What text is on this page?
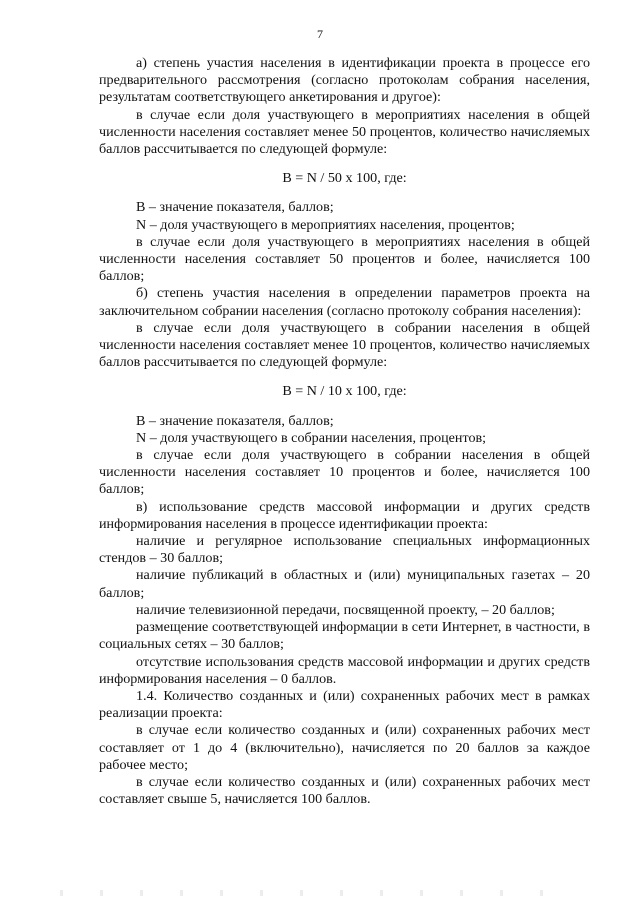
7

а) степень участия населения в идентификации проекта в процессе его предварительного рассмотрения (согласно протоколам собрания населения, результатам соответствующего анкетирования и другое):

в случае если доля участвующего в мероприятиях населения в общей численности населения составляет менее 50 процентов, количество начисляемых баллов рассчитывается по следующей формуле:

B = N / 50 x 100, где:

B – значение показателя, баллов;

N – доля участвующего в мероприятиях населения, процентов;

в случае если доля участвующего в мероприятиях населения в общей численности населения составляет 50 процентов и более, начисляется 100 баллов;

б) степень участия населения в определении параметров проекта на заключительном собрании населения (согласно протоколу собрания населения):

в случае если доля участвующего в собрании населения в общей численности населения составляет менее 10 процентов, количество начисляемых баллов рассчитывается по следующей формуле:

B = N / 10 x 100, где:

B – значение показателя, баллов;

N – доля участвующего в собрании населения, процентов;

в случае если доля участвующего в собрании населения в общей численности населения составляет 10 процентов и более, начисляется 100 баллов;

в) использование средств массовой информации и других средств информирования населения в процессе идентификации проекта:

наличие и регулярное использование специальных информационных стендов – 30 баллов;

наличие публикаций в областных и (или) муниципальных газетах – 20 баллов;

наличие телевизионной передачи, посвященной проекту, – 20 баллов;

размещение соответствующей информации в сети Интернет, в частности, в социальных сетях – 30 баллов;

отсутствие использования средств массовой информации и других средств информирования населения – 0 баллов.

1.4. Количество созданных и (или) сохраненных рабочих мест в рамках реализации проекта:

в случае если количество созданных и (или) сохраненных рабочих мест составляет от 1 до 4 (включительно), начисляется по 20 баллов за каждое рабочее место;

в случае если количество созданных и (или) сохраненных рабочих мест составляет свыше 5, начисляется 100 баллов.
